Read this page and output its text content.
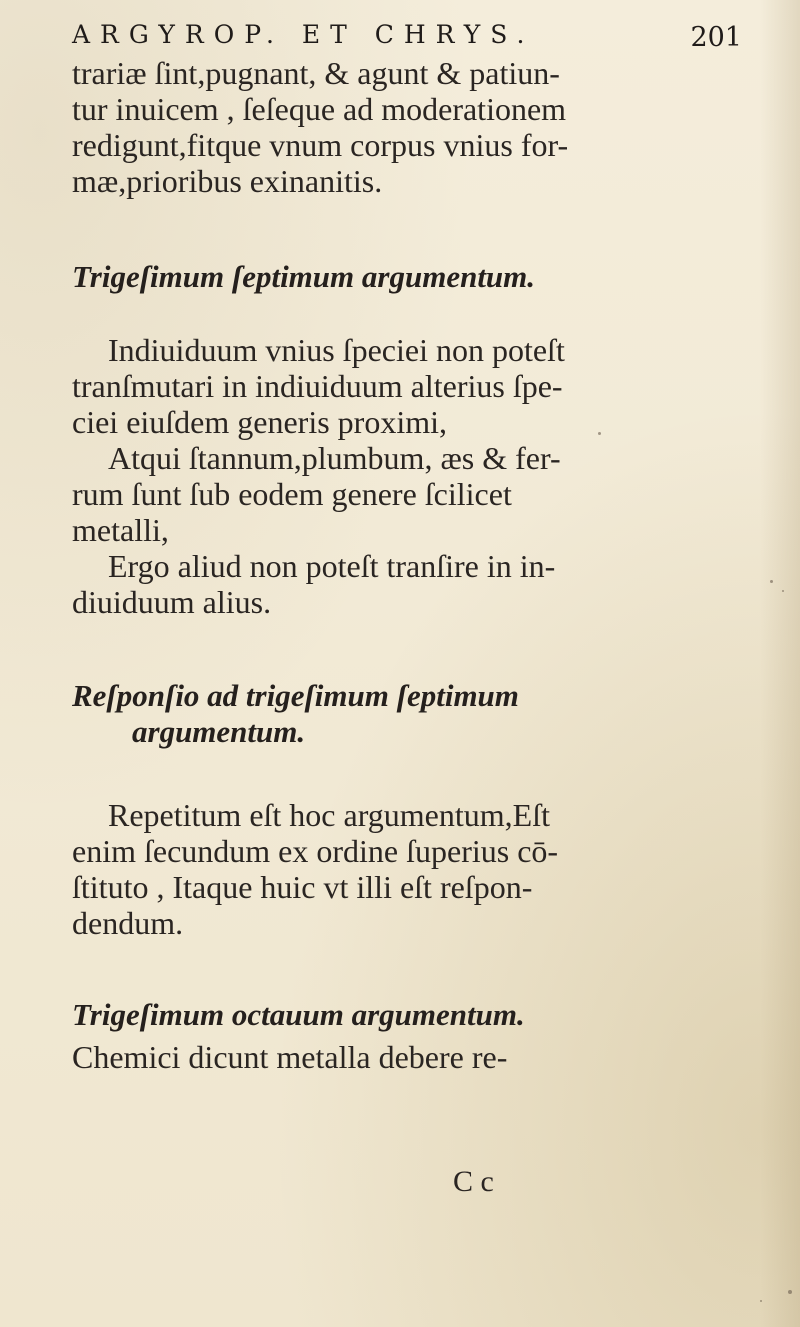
ARGYROP. ET CHRYS.	201
trariæ ſint,pugnant, & agunt & patiun-
tur inuicem , ſeſeque ad moderationem
redigunt,fitque vnum corpus vnius for-
mæ,prioribus exinanitis.
Trigeſimum ſeptimum argumentum.
Indiuiduum vnius ſpeciei non poteſt
tranſmutari in indiuiduum alterius ſpe-
ciei eiuſdem generis proximi,
Atqui ſtannum,plumbum, æs & fer-
rum ſunt ſub eodem genere ſcilicet
metalli,
Ergo aliud non poteſt tranſire in in-
diuiduum alius.
Reſponſio ad trigeſimum ſeptimum
argumentum.
Repetitum eſt hoc argumentum,Eſt
enim ſecundum ex ordine ſuperius cō-
ſtituto , Itaque huic vt illi eſt reſpon-
dendum.
Trigeſimum octauum argumentum.
Chemici dicunt metalla debere re-
C c
